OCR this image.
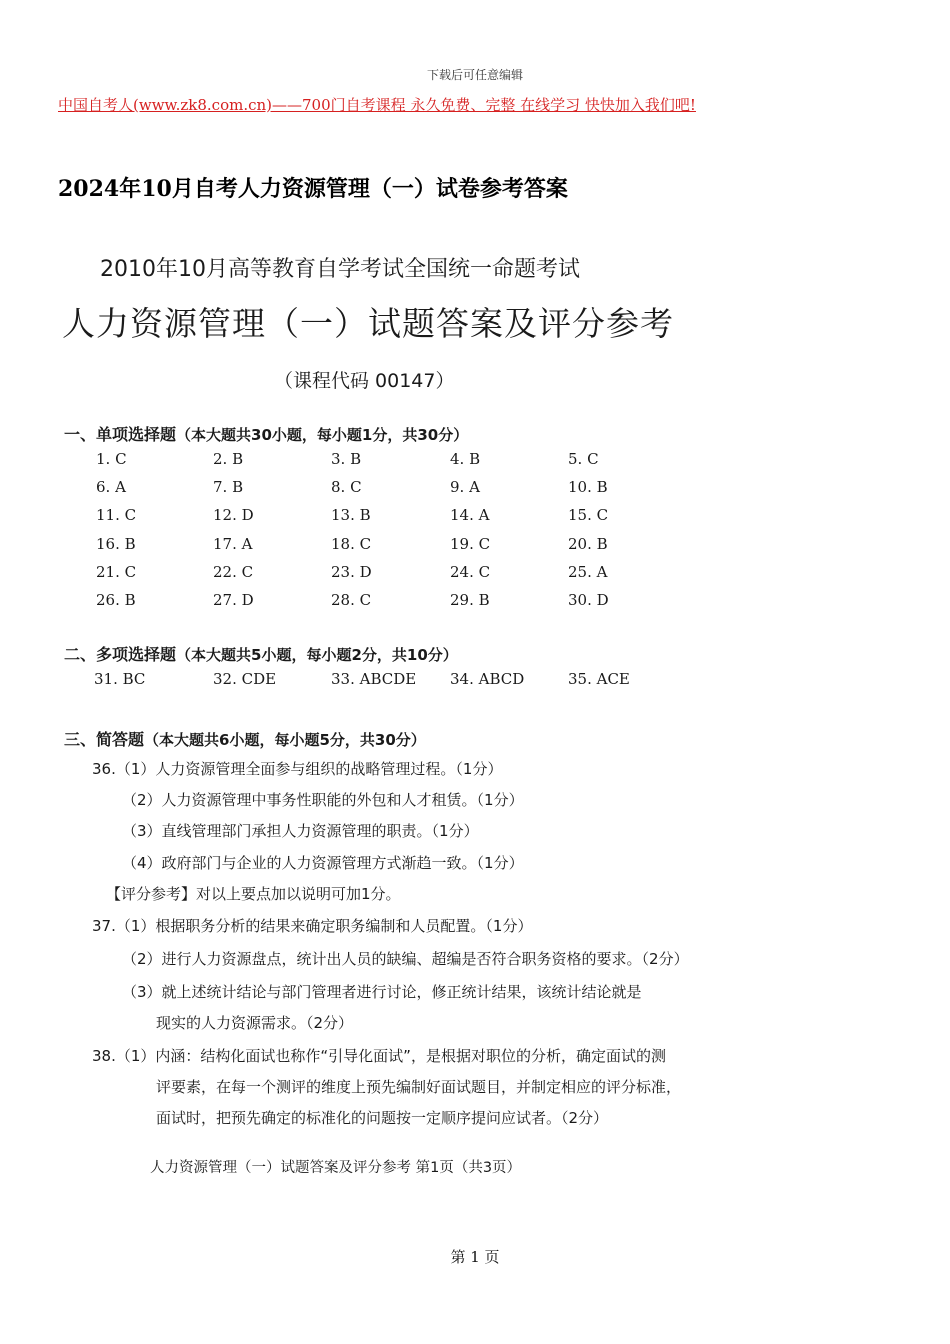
下载后可任意编辑
中国自考人(www.zk8.com.cn)——700门自考课程 永久免费、完整 在线学习 快快加入我们吧!
2024年10月自考人力资源管理（一）试卷参考答案
2010年10月高等教育自学考试全国统一命题考试
人力资源管理（一）试题答案及评分参考
（课程代码 00147）
一、单项选择题（本大题共30小题，每小题1分，共30分）
二、多项选择题（本大题共5小题，每小题2分，共10分）
三、简答题（本大题共6小题，每小题5分，共30分）
人力资源管理（一）试题答案及评分参考 第1页（共3页）
1. C	2. B	3. B	4. B	5. C
6. A	7. B	8. C	9. A	10. B
11. C	12. D	13. B	14. A	15. C
16. B	17. A	18. C	19. C	20. B
21. C	22. C	23. D	24. C	25. A
26. B	27. D	28. C	29. B	30. D
31. BC	32. CDE	33. ABCDE 34. ABCD	35. ACE
36.（1）人力资源管理全面参与组织的战略管理过程。（1分）
（2）人力资源管理中事务性职能的外包和人才租赁。（1分）
（3）直线管理部门承担人力资源管理的职责。（1分）
（4）政府部门与企业的人力资源管理方式渐趋一致。（1分）
【评分参考】对以上要点加以说明可加1分。
37.（1）根据职务分析的结果来确定职务编制和人员配置。（1分）
（2）进行人力资源盘点，统计出人员的缺编、超编是否符合职务资格的要求。（2分）
（3）就上述统计结论与部门管理者进行讨论，修正统计结果，该统计结论就是
现实的人力资源需求。（2分）
38.（1）内涵：结构化面试也称作“引导化面试”，是根据对职位的分析，确定面试的测
评要素，在每一个测评的维度上预先编制好面试题目，并制定相应的评分标准，
面试时，把预先确定的标准化的问题按一定顺序提问应试者。（2分）
第 1 页
